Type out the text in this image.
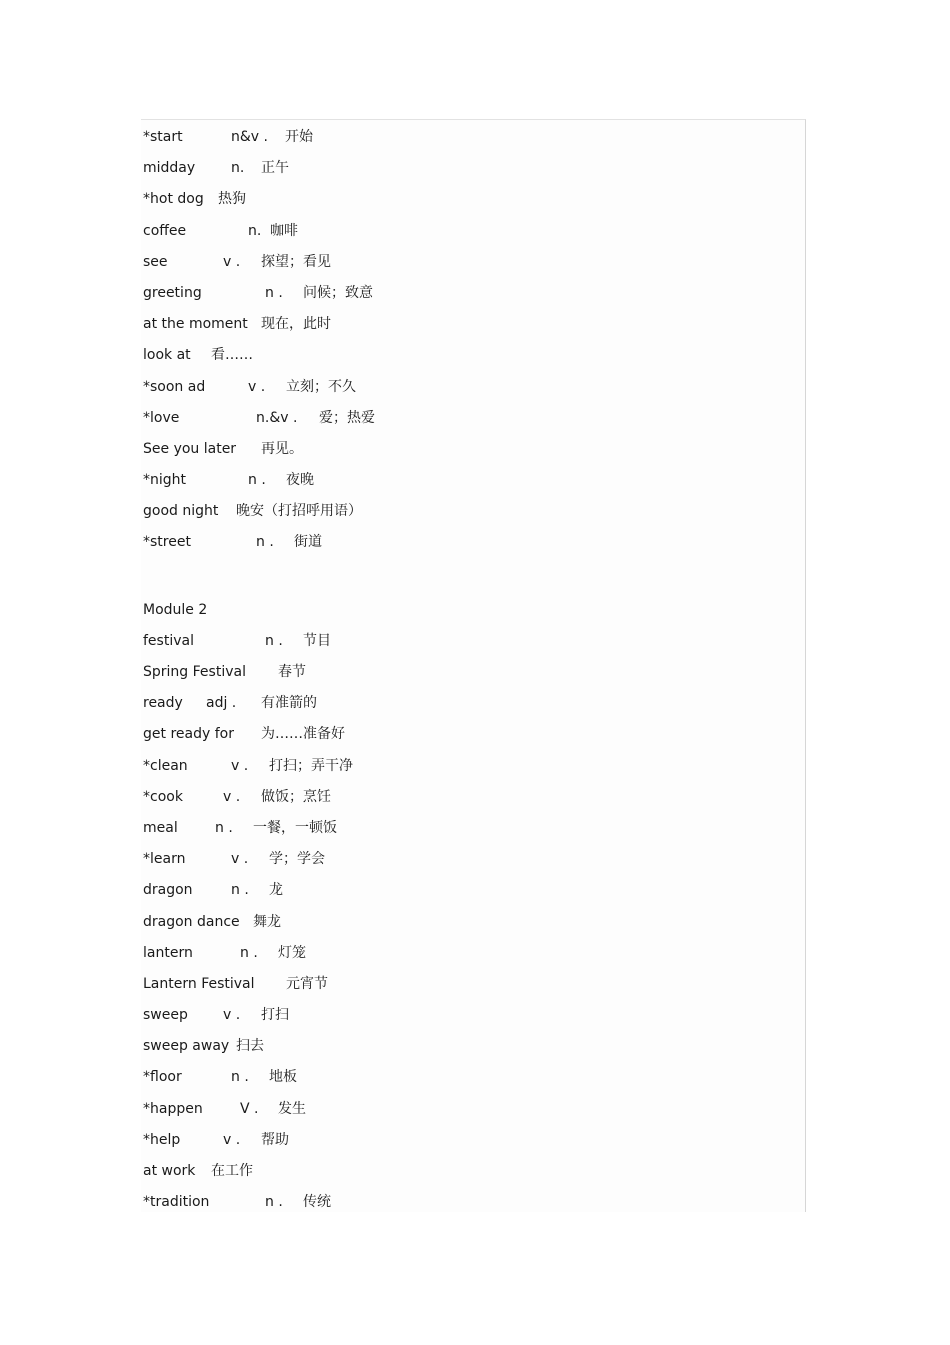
*start	n&v . 开始
midday	n. 正午
*hot dog 热狗
coffee	n. 咖啡
see	v . 探望；看见
greeting	n . 问候；致意
at the moment 现在，此时
look at 看……
*soon ad	v . 立刻；不久
*love	n.&v . 爱；热爱
See you later 再见。
*night	n . 夜晚
good night 晚安（打招呼用语）
*street	n . 街道
Module 2
festival	n . 节目
Spring Festival 春节
ready adj . 有准箭的
get ready for 为……准备好
*clean	v . 打扫；弄干净
*cook	v . 做饭；烹饪
meal	n . 一餐，一顿饭
*learn	v . 学；学会
dragon	n . 龙
dragon dance 舞龙
lantern	n . 灯笼
Lantern Festival 元宵节
sweep	v . 打扫
sweep away 扫去
*floor	n . 地板
*happen	V . 发生
*help	v . 帮助
at work 在工作
*tradition	n . 传统
